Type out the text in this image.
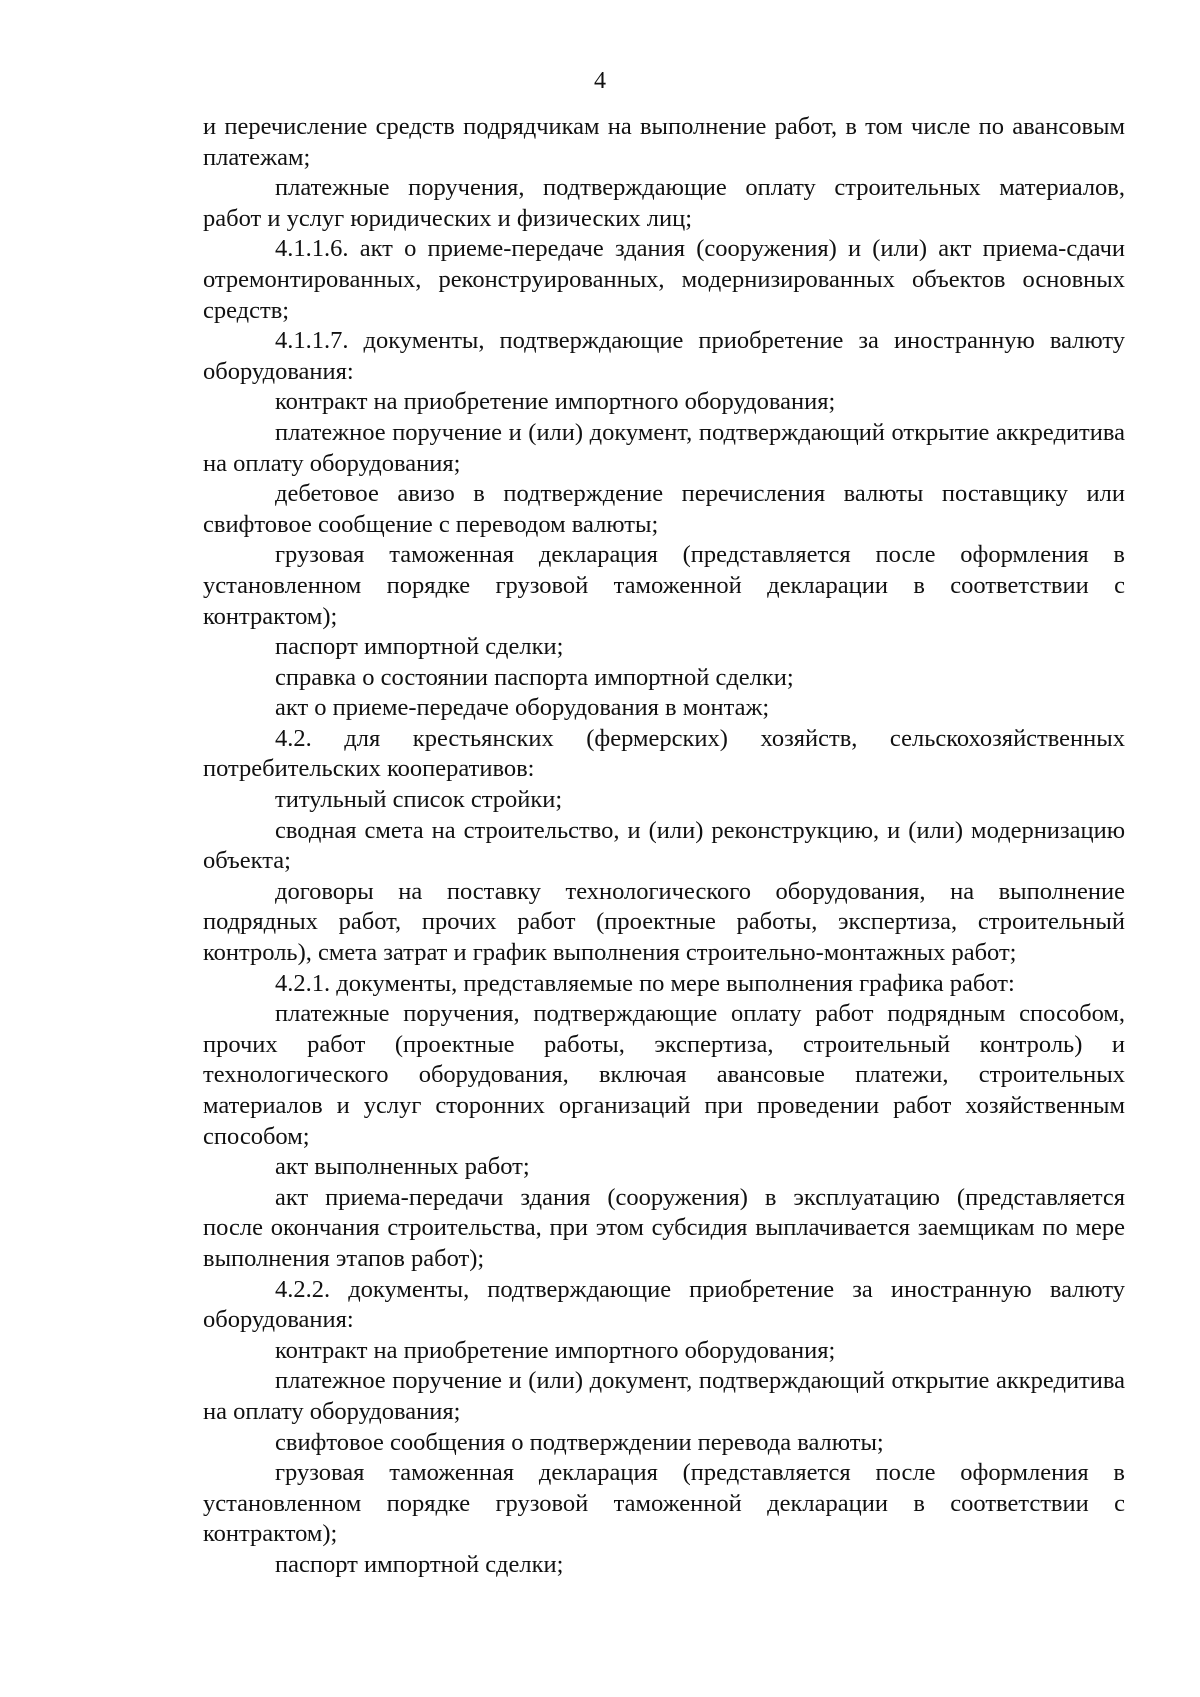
4

и перечисление средств подрядчикам на выполнение работ, в том числе по авансовым платежам;

платежные поручения, подтверждающие оплату строительных материалов, работ и услуг юридических и физических лиц;

4.1.1.6. акт о приеме-передаче здания (сооружения) и (или) акт приема-сдачи отремонтированных, реконструированных, модернизированных объектов основных средств;

4.1.1.7. документы, подтверждающие приобретение за иностранную валюту оборудования:

контракт на приобретение импортного оборудования;

платежное поручение и (или) документ, подтверждающий открытие аккредитива на оплату оборудования;

дебетовое авизо в подтверждение перечисления валюты поставщику или свифтовое сообщение с переводом валюты;

грузовая таможенная декларация (представляется после оформления в установленном порядке грузовой таможенной декларации в соответствии с контрактом);

паспорт импортной сделки;

справка о состоянии паспорта импортной сделки;

акт о приеме-передаче оборудования в монтаж;

4.2. для крестьянских (фермерских) хозяйств, сельскохозяйственных потребительских кооперативов:

титульный список стройки;

сводная смета на строительство, и (или) реконструкцию, и (или) модернизацию объекта;

договоры на поставку технологического оборудования, на выполнение подрядных работ, прочих работ (проектные работы, экспертиза, строительный контроль), смета затрат и график выполнения строительно-монтажных работ;

4.2.1. документы, представляемые по мере выполнения графика работ:

платежные поручения, подтверждающие оплату работ подрядным способом, прочих работ (проектные работы, экспертиза, строительный контроль) и технологического оборудования, включая авансовые платежи, строительных материалов и услуг сторонних организаций при проведении работ хозяйственным способом;

акт выполненных работ;

акт приема-передачи здания (сооружения) в эксплуатацию (представляется после окончания строительства, при этом субсидия выплачивается заемщикам по мере выполнения этапов работ);

4.2.2. документы, подтверждающие приобретение за иностранную валюту оборудования:

контракт на приобретение импортного оборудования;

платежное поручение и (или) документ, подтверждающий открытие аккредитива на оплату оборудования;

свифтовое сообщения о подтверждении перевода валюты;

грузовая таможенная декларация (представляется после оформления в установленном порядке грузовой таможенной декларации в соответствии с контрактом);

паспорт импортной сделки;
